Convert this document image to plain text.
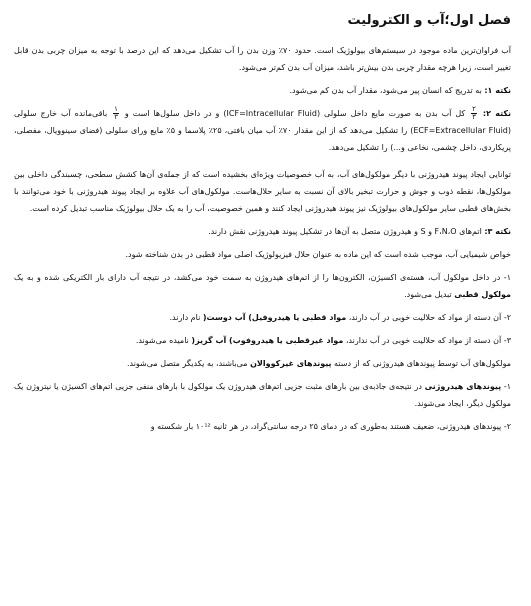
فصل اول؛آب و الکترولیت

آب فراوان‌ترین ماده موجود در سیستم‌های بیولوژیک است. حدود ۷۰٪ وزن بدن را آب تشکیل می‌دهد که این درصد با توجه به میزان چربی بدن قابل تغییر است، زیرا هرچه مقدار چربی بدن بیش‌تر باشد، میزان آب بدن کم‌تر می‌شود.

نکته ۱: به تدریج که انسان پیر می‌شود، مقدار آب بدن کم می‌شود.

نکته ۲:
$\frac{۲}{۳}$
کل آب بدن به صورت مایع داخل سلولی (ICF=Intracellular Fluid) و در داخل سلول‌ها است و
$\frac{۱}{۳}$
باقی‌مانده آب خارج سلولی (ECF=Extracellular Fluid) را تشکیل می‌دهد که از این مقدار ۷۰٪ آب میان بافتی، ۲۵٪ پلاسما و ۵٪ مایع ورای سلولی (فضای سینوویال، مفصلی، پریکاردی، داخل چشمی، نخاعی و...) را تشکیل می‌دهد.

توانایی ایجاد پیوند هیدروژنی با دیگر مولکول‌های آب، به آب خصوصیات ویژه‌ای بخشیده است که از جمله‌ی آن‌ها کشش سطحی، چسبندگی داخلی بین مولکول‌ها، نقطه ذوب و جوش و حرارت تبخیر بالای آن نسبت به سایر حلال‌هاست. مولکول‌های آب علاوه بر ایجاد پیوند هیدروژنی با خود می‌توانند با بخش‌های قطبی سایر مولکول‌های بیولوژیک نیز پیوند هیدروژنی ایجاد کنند و همین خصوصیت، آب را به یک حلال بیولوژیک مناسب تبدیل کرده است.

نکته ۳: اتم‌های F،N،O و S و هیدروژن متصل به آن‌ها در تشکیل پیوند هیدروژنی نقش دارند.

خواص شیمیایی آب، موجب شده است که این ماده به عنوان حلال فیزیولوژیک اصلی مواد قطبی در بدن شناخته شود.

۱- در داخل مولکول آب، هسته‌ی اکسیژن، الکترون‌ها را از اتم‌های هیدروژن به سمت خود می‌کشد، در نتیجه آب دارای بار الکتریکی شده و به یک مولکول قطبی تبدیل می‌شود.

۲- آن دسته از مواد که حلالیت خوبی در آب دارند، مواد قطبی یا هیدروفیل) آب دوست( نام دارند.

۳- آن دسته از مواد که حلالیت خوبی در آب ندارند، مواد غیرقطبی یا هیدروفوب) آب گریز( نامیده می‌شوند.

مولکول‌های آب توسط پیوندهای هیدروژنی که از دسته پیوندهای غیرکووالان می‌باشند، به یکدیگر متصل می‌شوند.

۱- پیوندهای هیدروژنی در نتیجه‌ی جاذبه‌ی بین بارهای مثبت جزیی اتم‌های هیدروژن یک مولکول با بارهای منفی جزیی اتم‌های اکسیژن یا نیتروژن یک مولکول دیگر، ایجاد می‌شوند.

۲- پیوندهای هیدروژنی، ضعیف هستند به‌طوری که در دمای ۲۵ درجه سانتی‌گراد، در هر ثانیه ۱۰¹² بار شکسته و
